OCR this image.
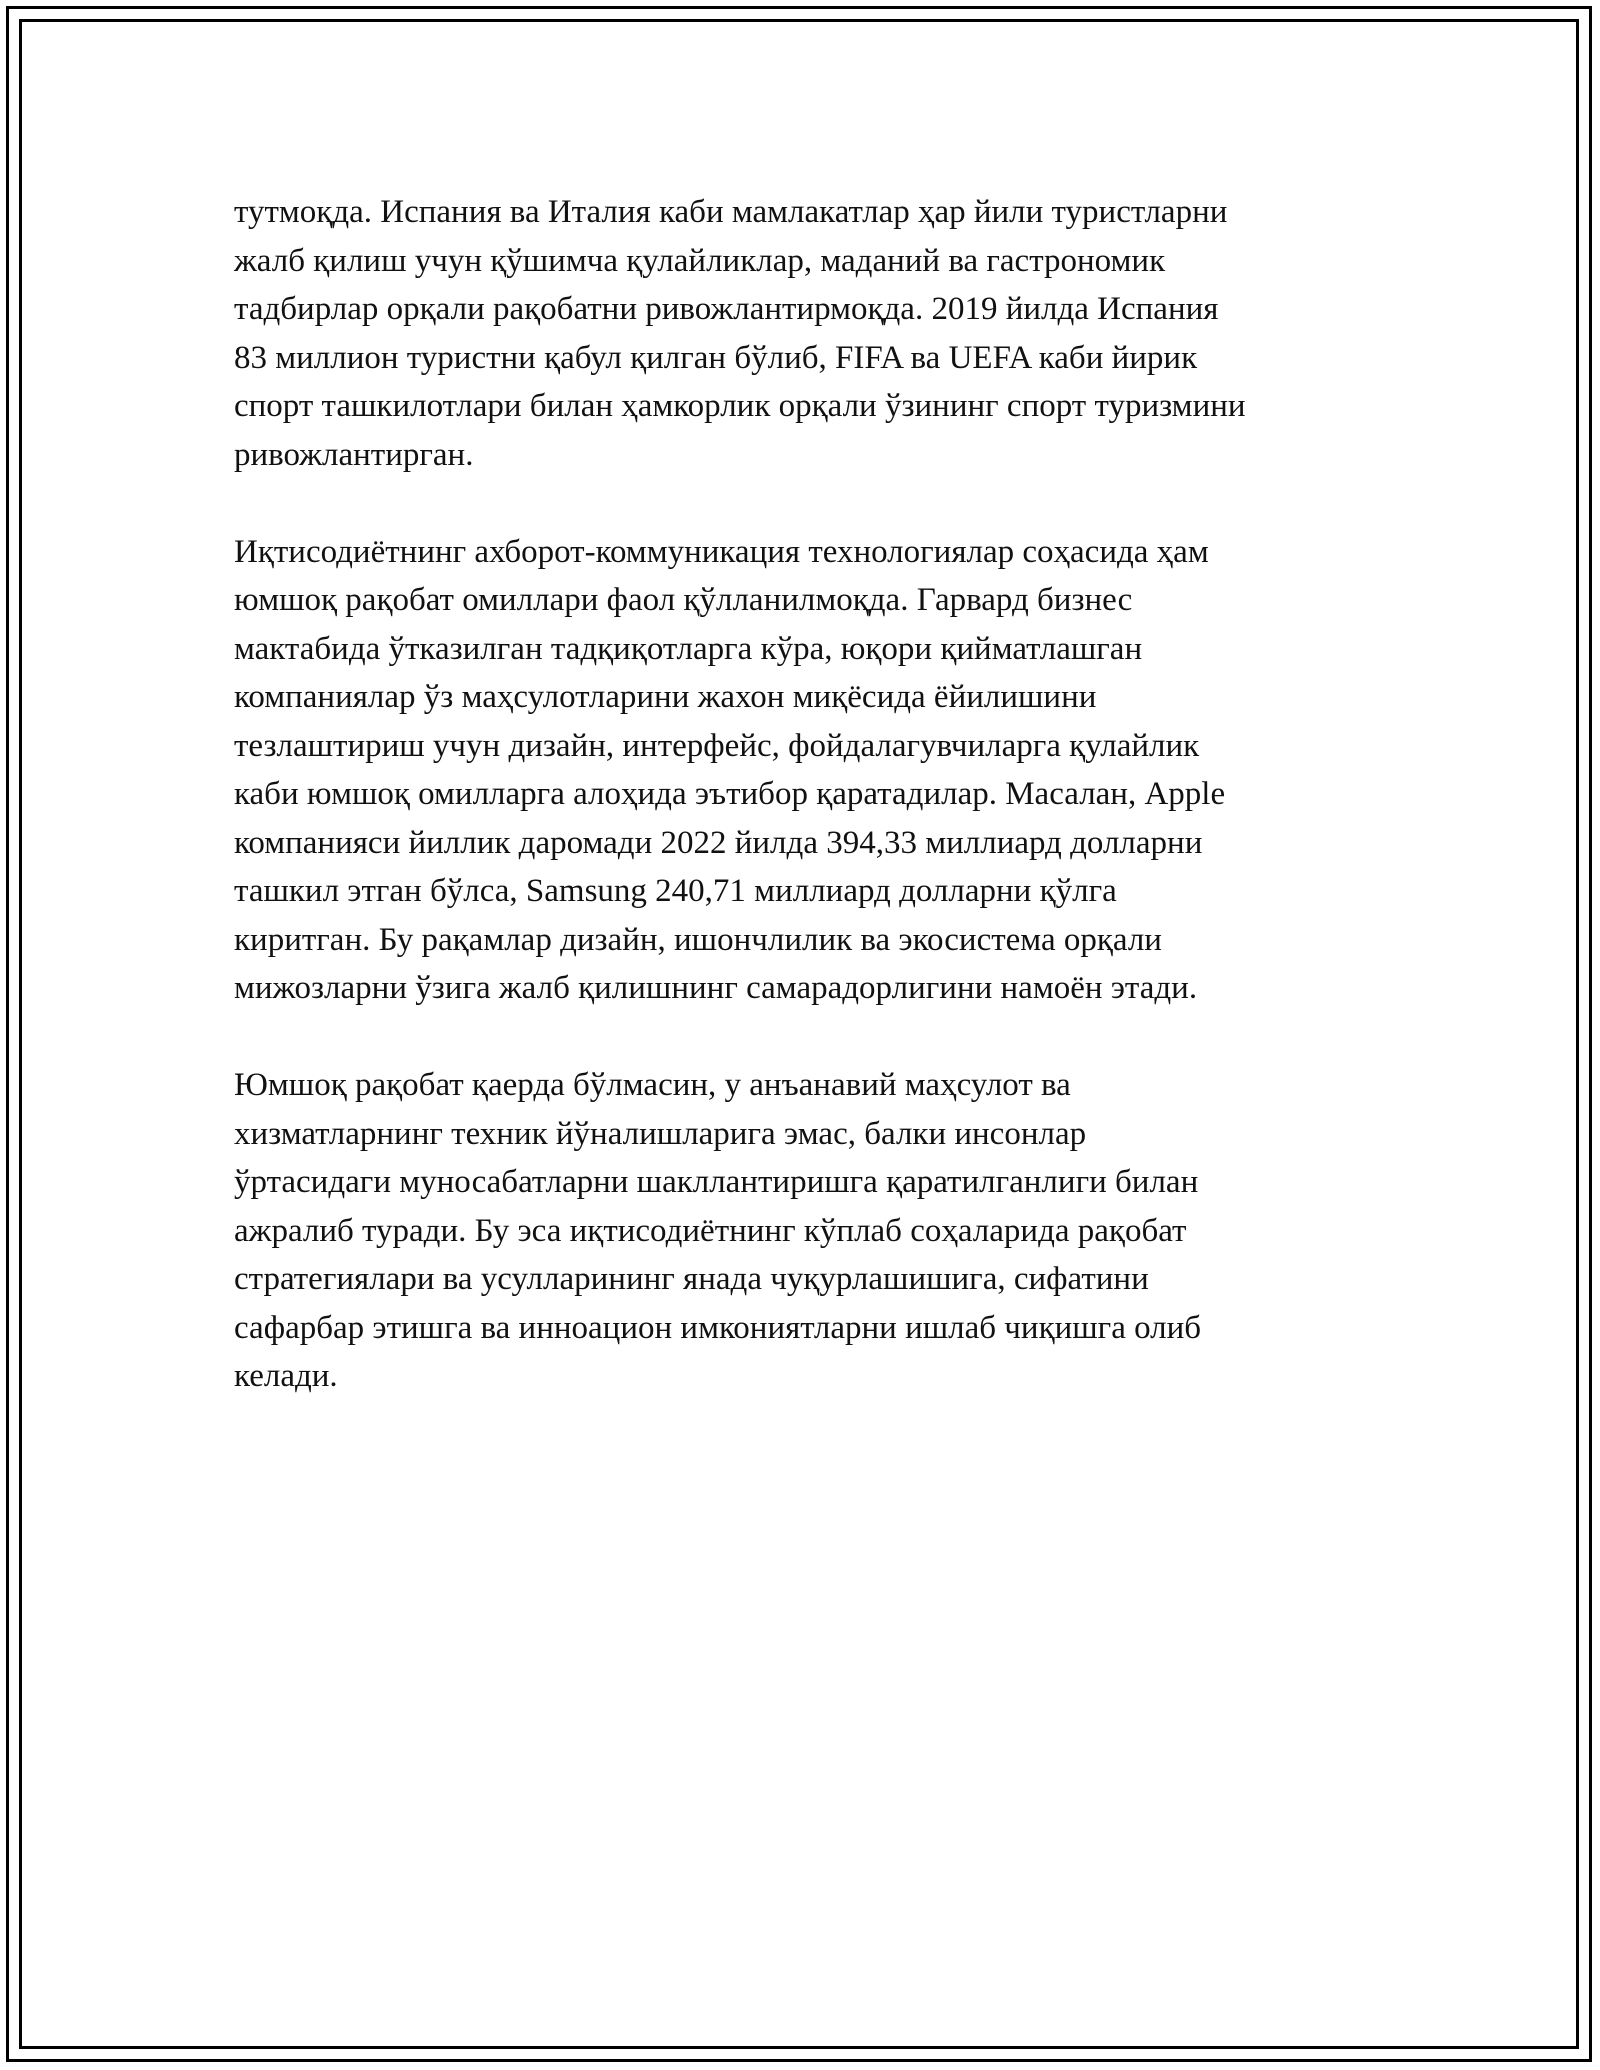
тутмоқда. Испания ва Италия каби мамлакатлар ҳар йили туристларни
жалб қилиш учун қўшимча қулайликлар, маданий ва гастрономик
тадбирлар орқали рақобатни ривожлантирмоқда. 2019 йилда Испания
83 миллион туристни қабул қилган бўлиб, FIFA ва UEFA каби йирик
спорт ташкилотлари билан ҳамкорлик орқали ўзининг спорт туризмини
ривожлантирган.

Иқтисодиётнинг ахборот-коммуникация технологиялар соҳасида ҳам
юмшоқ рақобат омиллари фаол қўлланилмоқда. Гарвард бизнес
мактабида ўтказилган тадқиқотларга кўра, юқори қийматлашган
компаниялар ўз маҳсулотларини жахон миқёсида ёйилишини
тезлаштириш учун дизайн, интерфейс, фойдалагувчиларга қулайлик
каби юмшоқ омилларга алоҳида эътибор қаратадилар. Масалан, Apple
компанияси йиллик даромади 2022 йилда 394,33 миллиард долларни
ташкил этган бўлса, Samsung 240,71 миллиард долларни қўлга
киритган. Бу рақамлар дизайн, ишончлилик ва экосистема орқали
мижозларни ўзига жалб қилишнинг самарадорлигини намоён этади.

Юмшоқ рақобат қаерда бўлмасин, у анъанавий маҳсулот ва
хизматларнинг техник йўналишларига эмас, балки инсонлар
ўртасидаги муносабатларни шакллантиришга қаратилганлиги билан
ажралиб туради. Бу эса иқтисодиётнинг кўплаб соҳаларида рақобат
стратегиялари ва усулларининг янада чуқурлашишига, сифатини
сафарбар этишга ва инноацион имкониятларни ишлаб чиқишга олиб
келади.
